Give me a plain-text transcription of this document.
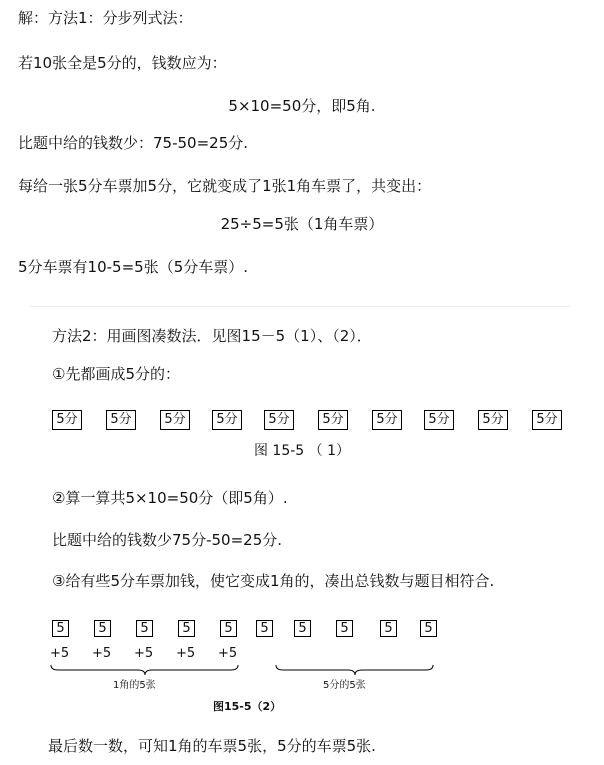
解：方法1：分步列式法：
若10张全是5分的，钱数应为：
5×10=50分，即5角.
比题中给的钱数少：75-50=25分.
每给一张5分车票加5分，它就变成了1张1角车票了，共变出：
25÷5=5张（1角车票）
5分车票有10-5=5张（5分车票）.
方法2：用画图凑数法．见图15－5（1）、（2）．
①先都画成5分的：
5分	5分	5分	5分	5分	5分	5分	5分	5分	5分
图 15-5 （ 1）
②算一算共5×10=50分（即5角）.
比题中给的钱数少75分-50=25分.
③给有些5分车票加钱，使它变成1角的，凑出总钱数与题目相符合.
5	5	5	5	5	5	5	5	5	5
+5 +5 +5 +5 +5
1角的5张	5分的5张
图15-5（2）
最后数一数，可知1角的车票5张，5分的车票5张.
